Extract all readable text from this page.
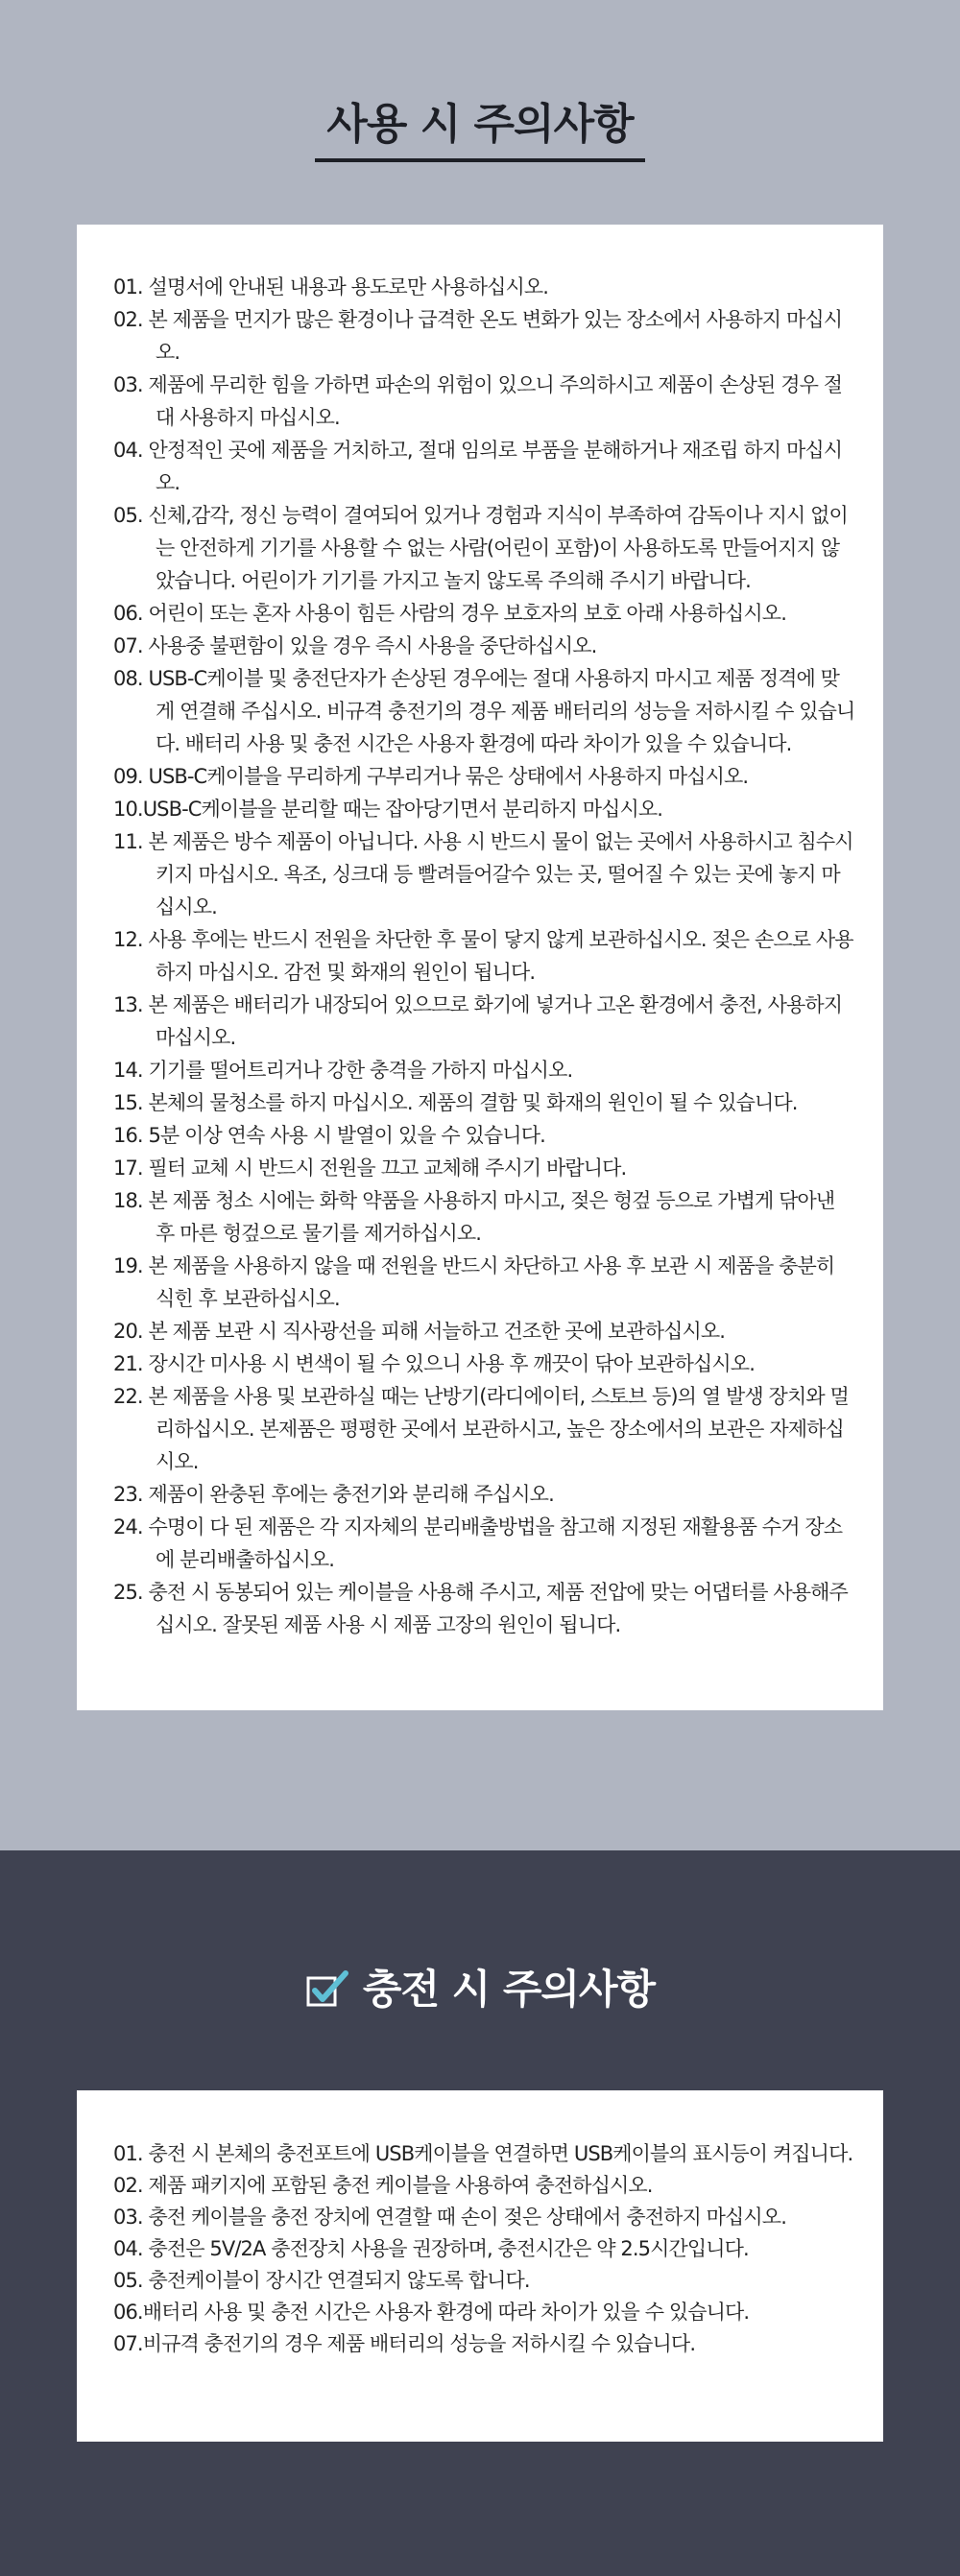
사용 시 주의사항
01. 설명서에 안내된 내용과 용도로만 사용하십시오.
02. 본 제품을 먼지가 많은 환경이나 급격한 온도 변화가 있는 장소에서 사용하지 마십시오.
03. 제품에 무리한 힘을 가하면 파손의 위험이 있으니 주의하시고 제품이 손상된 경우 절대 사용하지 마십시오.
04. 안정적인 곳에 제품을 거치하고, 절대 임의로 부품을 분해하거나 재조립 하지 마십시오.
05. 신체,감각, 정신 능력이 결여되어 있거나 경험과 지식이 부족하여 감독이나 지시 없이는 안전하게 기기를 사용할 수 없는 사람(어린이 포함)이 사용하도록 만들어지지 않았습니다. 어린이가 기기를 가지고 놀지 않도록 주의해 주시기 바랍니다.
06. 어린이 또는 혼자 사용이 힘든 사람의 경우 보호자의 보호 아래 사용하십시오.
07. 사용중 불편함이 있을 경우 즉시 사용을 중단하십시오.
08. USB-C케이블 및 충전단자가 손상된 경우에는 절대 사용하지 마시고 제품 정격에 맞게 연결해 주십시오. 비규격 충전기의 경우 제품 배터리의 성능을 저하시킬 수 있습니다. 배터리 사용 및 충전 시간은 사용자 환경에 따라 차이가 있을 수 있습니다.
09. USB-C케이블을 무리하게 구부리거나 묶은 상태에서 사용하지 마십시오.
10.USB-C케이블을 분리할 때는 잡아당기면서 분리하지 마십시오.
11. 본 제품은 방수 제품이 아닙니다. 사용 시 반드시 물이 없는 곳에서 사용하시고 침수시키지 마십시오. 욕조, 싱크대 등 빨려들어갈수 있는 곳, 떨어질 수 있는 곳에 놓지 마십시오.
12. 사용 후에는 반드시 전원을 차단한 후 물이 닿지 않게 보관하십시오. 젖은 손으로 사용하지 마십시오. 감전 및 화재의 원인이 됩니다.
13. 본 제품은 배터리가 내장되어 있으므로 화기에 넣거나 고온 환경에서 충전, 사용하지 마십시오.
14. 기기를 떨어트리거나 강한 충격을 가하지 마십시오.
15. 본체의 물청소를 하지 마십시오. 제품의 결함 및 화재의 원인이 될 수 있습니다.
16. 5분 이상 연속 사용 시 발열이 있을 수 있습니다.
17. 필터 교체 시 반드시 전원을 끄고 교체해 주시기 바랍니다.
18. 본 제품 청소 시에는 화학 약품을 사용하지 마시고, 젖은 헝겊 등으로 가볍게 닦아낸 후 마른 헝겊으로 물기를 제거하십시오.
19. 본 제품을 사용하지 않을 때 전원을 반드시 차단하고 사용 후 보관 시 제품을 충분히 식힌 후 보관하십시오.
20. 본 제품 보관 시 직사광선을 피해 서늘하고 건조한 곳에 보관하십시오.
21. 장시간 미사용 시 변색이 될 수 있으니 사용 후 깨끗이 닦아 보관하십시오.
22. 본 제품을 사용 및 보관하실 때는 난방기(라디에이터, 스토브 등)의 열 발생 장치와 멀리하십시오. 본제품은 평평한 곳에서 보관하시고, 높은 장소에서의 보관은 자제하십시오.
23. 제품이 완충된 후에는 충전기와 분리해 주십시오.
24. 수명이 다 된 제품은 각 지자체의 분리배출방법을 참고해 지정된 재활용품 수거 장소에 분리배출하십시오.
25. 충전 시 동봉되어 있는 케이블을 사용해 주시고, 제품 전압에 맞는 어댑터를 사용해주십시오. 잘못된 제품 사용 시 제품 고장의 원인이 됩니다.
충전 시 주의사항
01. 충전 시 본체의 충전포트에 USB케이블을 연결하면 USB케이블의 표시등이 켜집니다.
02. 제품 패키지에 포함된 충전 케이블을 사용하여 충전하십시오.
03. 충전 케이블을 충전 장치에 연결할 때 손이 젖은 상태에서 충전하지 마십시오.
04. 충전은 5V/2A 충전장치 사용을 권장하며, 충전시간은 약 2.5시간입니다.
05. 충전케이블이 장시간 연결되지 않도록 합니다.
06.배터리 사용 및 충전 시간은 사용자 환경에 따라 차이가 있을 수 있습니다.
07.비규격 충전기의 경우 제품 배터리의 성능을 저하시킬 수 있습니다.
